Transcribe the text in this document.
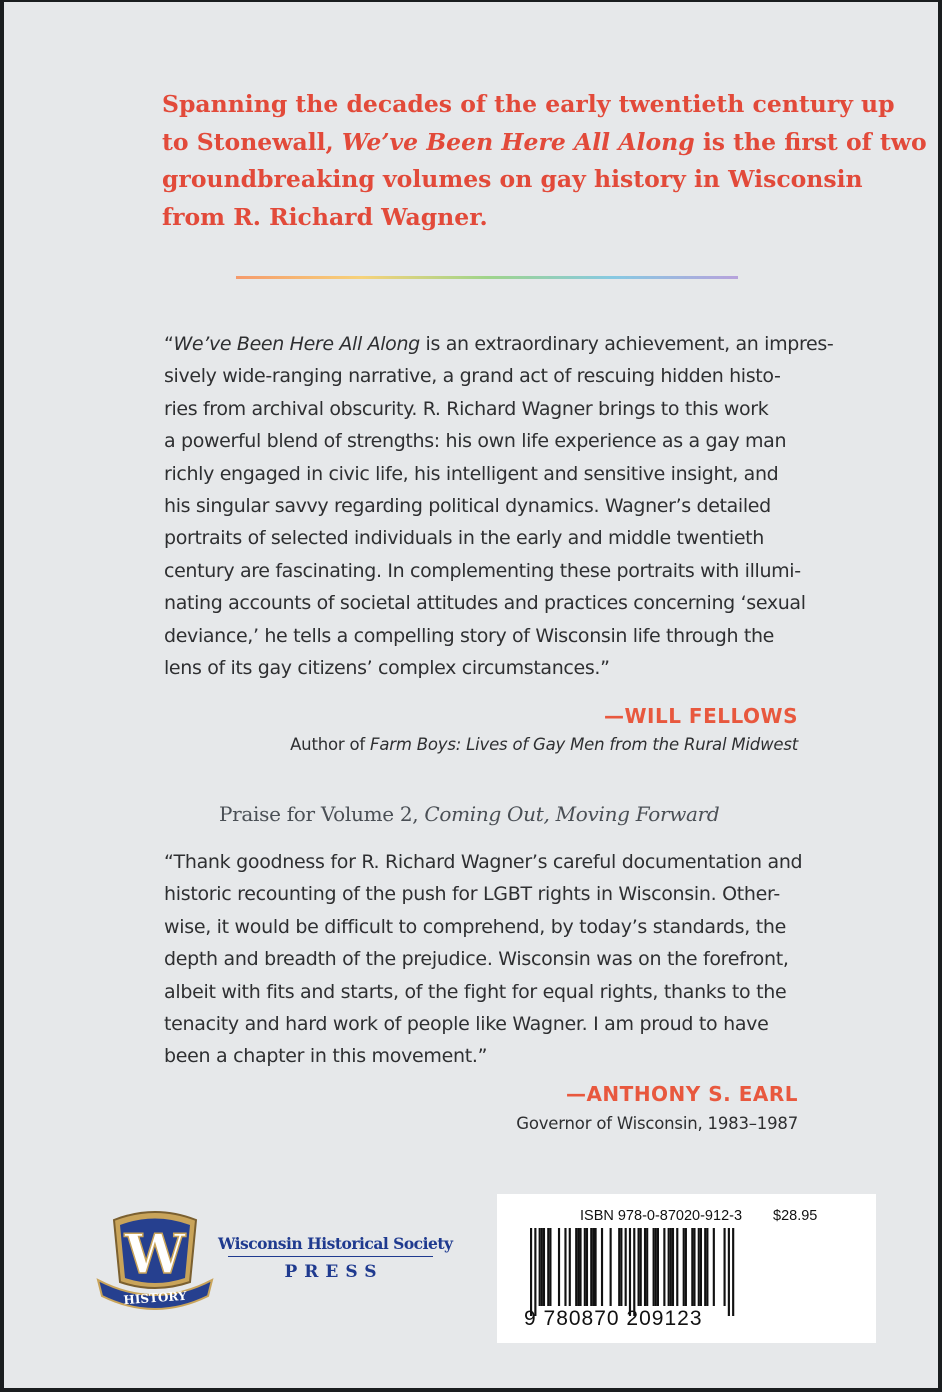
Spanning the decades of the early twentieth century up
to Stonewall, We’ve Been Here All Along is the first of two
groundbreaking volumes on gay history in Wisconsin
from R. Richard Wagner.
“We’ve Been Here All Along is an extraordinary achievement, an impres-
sively wide-ranging narrative, a grand act of rescuing hidden histo-
ries from archival obscurity. R. Richard Wagner brings to this work
a powerful blend of strengths: his own life experience as a gay man
richly engaged in civic life, his intelligent and sensitive insight, and
his singular savvy regarding political dynamics. Wagner’s detailed
portraits of selected individuals in the early and middle twentieth
century are fascinating. In complementing these portraits with illumi-
nating accounts of societal attitudes and practices concerning ‘sexual
deviance,’ he tells a compelling story of Wisconsin life through the
lens of its gay citizens’ complex circumstances.”
—WILL FELLOWS
Author of Farm Boys: Lives of Gay Men from the Rural Midwest
Praise for Volume 2, Coming Out, Moving Forward
“Thank goodness for R. Richard Wagner’s careful documentation and
historic recounting of the push for LGBT rights in Wisconsin. Other-
wise, it would be difficult to comprehend, by today’s standards, the
depth and breadth of the prejudice. Wisconsin was on the forefront,
albeit with fits and starts, of the fight for equal rights, thanks to the
tenacity and hard work of people like Wagner. I am proud to have
been a chapter in this movement.”
—ANTHONY S. EARL
Governor of Wisconsin, 1983–1987
W
HISTORY
Wisconsin Historical Society
PRESS
ISBN 978-0-87020-912-3 $28.95
9 780870 209123
